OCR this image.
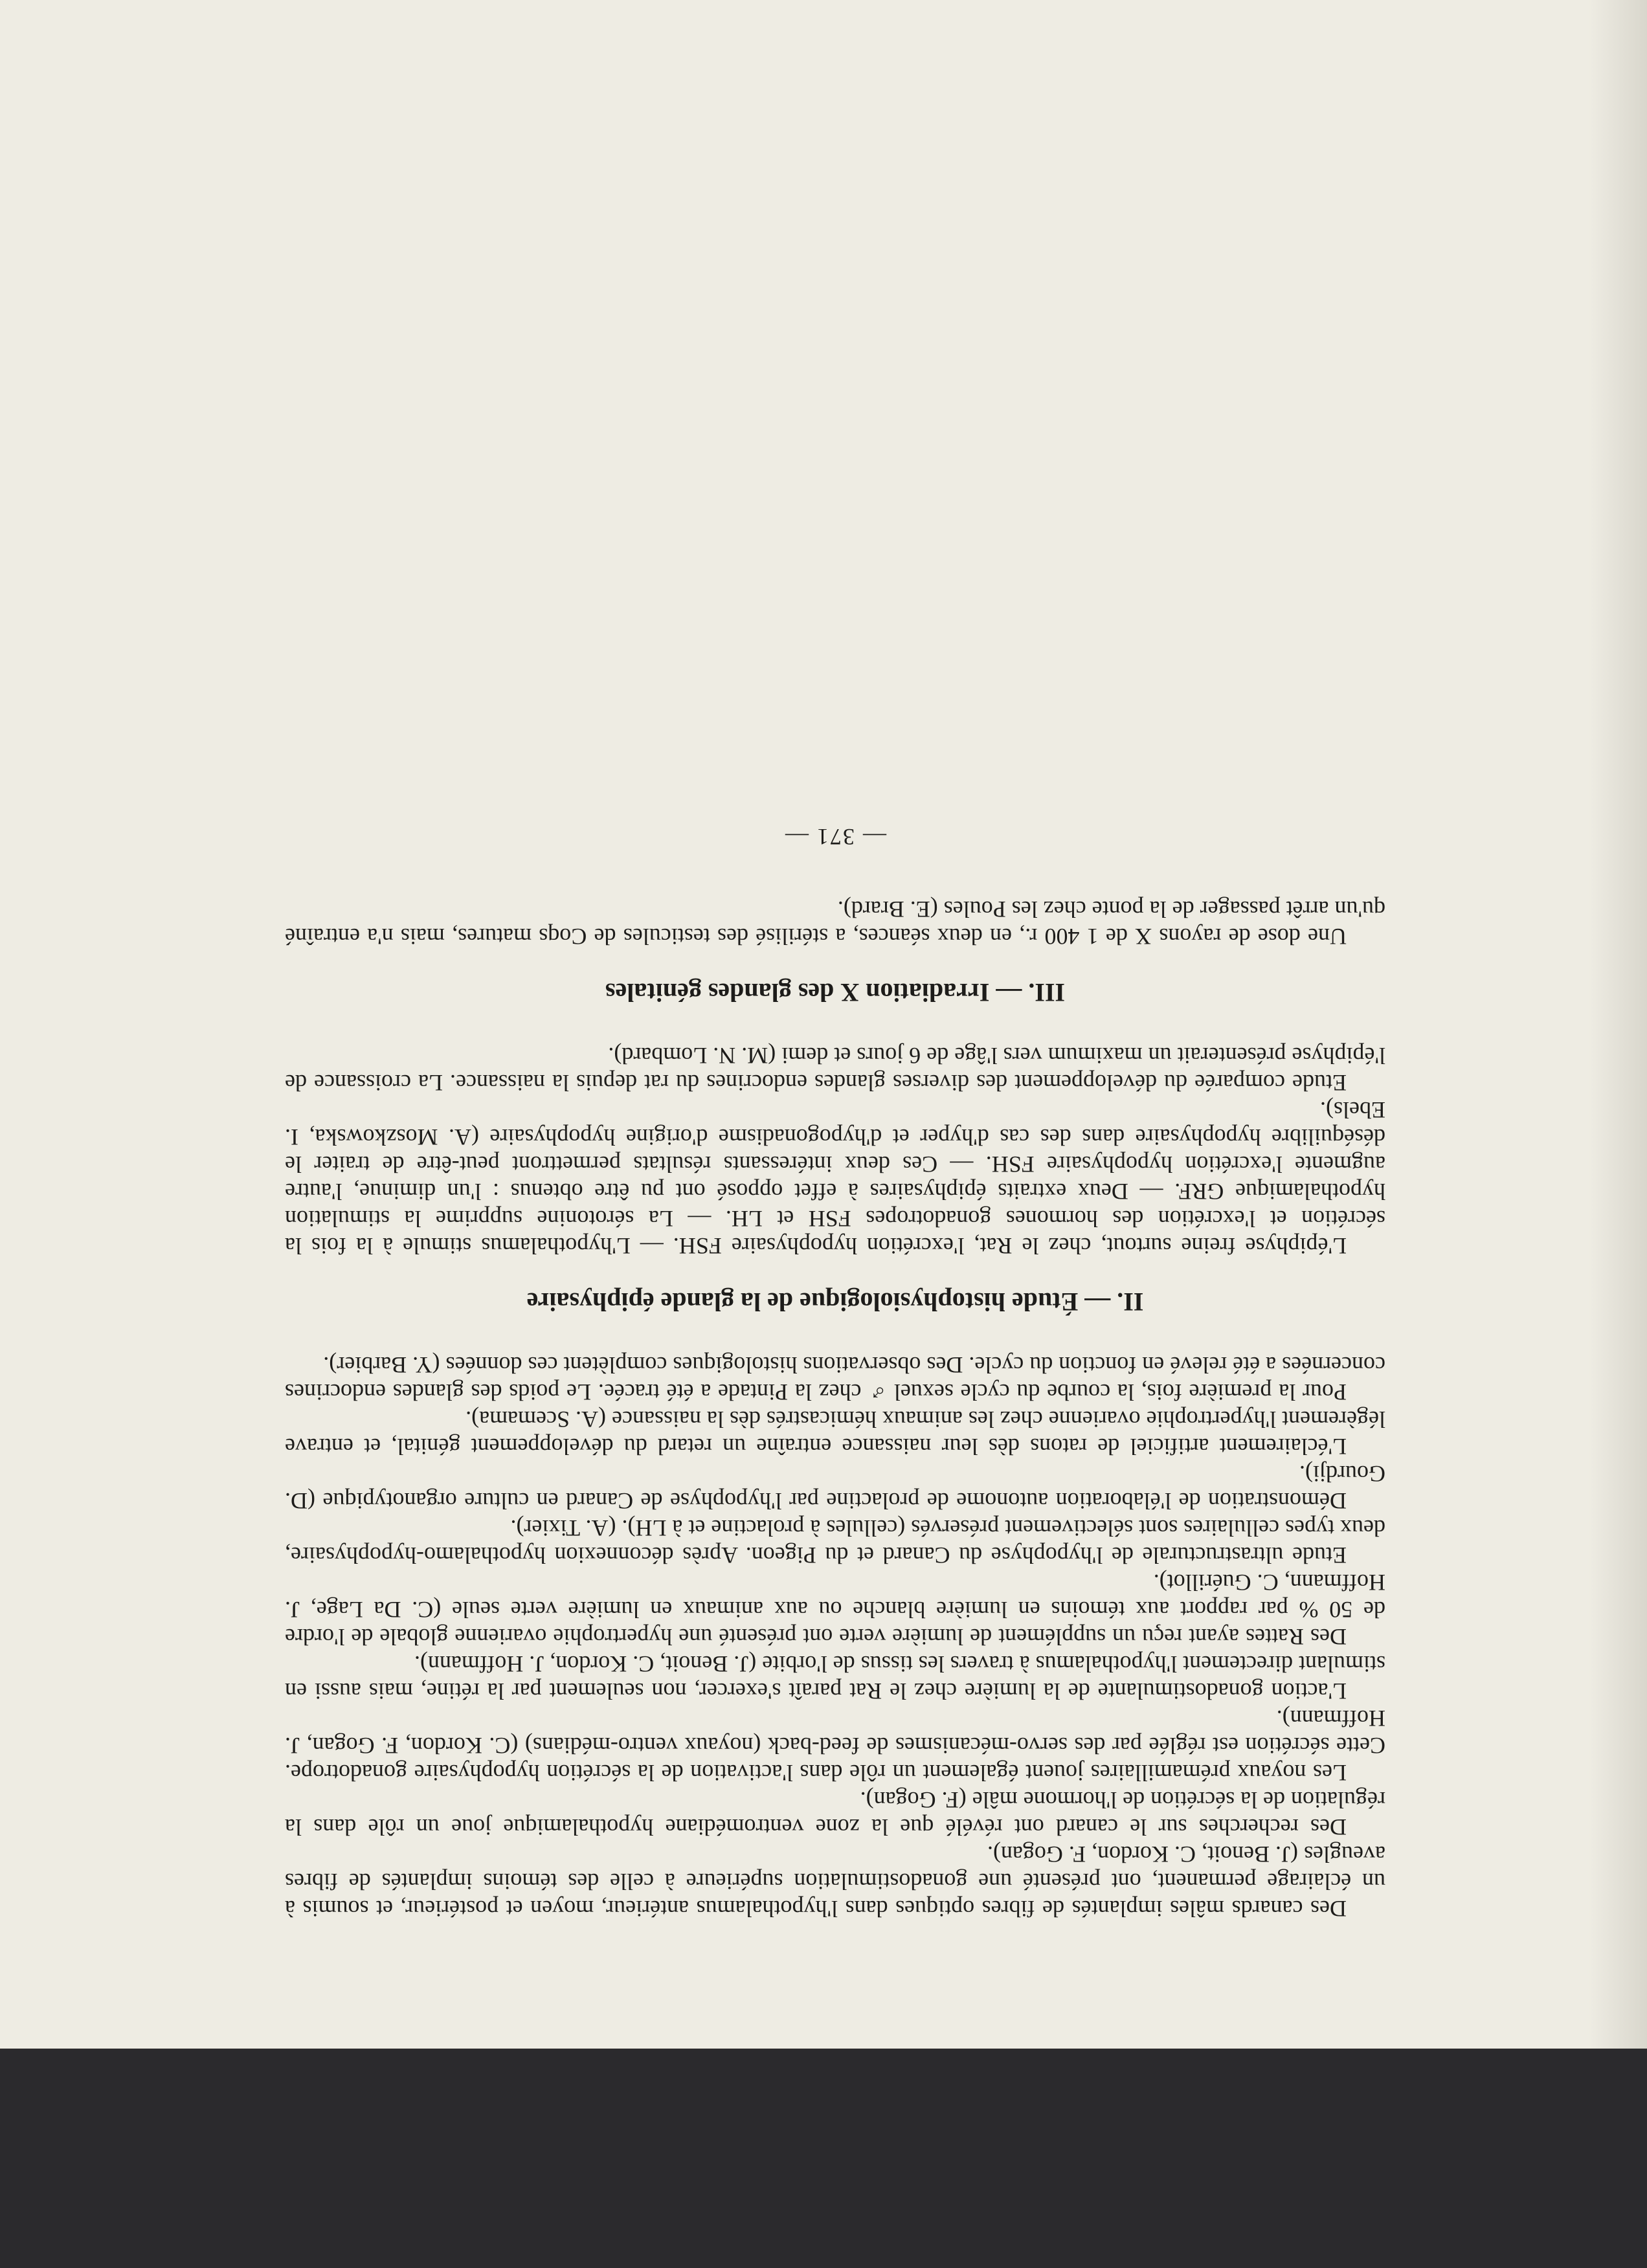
Des canards mâles implantés de fibres optiques dans l'hypothalamus antérieur, moyen et postérieur, et soumis à un éclairage permanent, ont présenté une gonadostimulation supérieure à celle des témoins implantés de fibres aveugles (J. Benoit, C. Kordon, F. Gogan).

Des recherches sur le canard ont révélé que la zone ventromédiane hypothalamique joue un rôle dans la régulation de la sécrétion de l'hormone mâle (F. Gogan).

Les noyaux prémamillaires jouent également un rôle dans l'activation de la sécrétion hypophysaire gonadotrope. Cette sécrétion est réglée par des servo-mécanismes de feed-back (noyaux ventro-médians) (C. Kordon, F. Gogan, J. Hoffmann).

L'action gonadostimulante de la lumière chez le Rat paraît s'exercer, non seulement par la rétine, mais aussi en stimulant directement l'hypothalamus à travers les tissus de l'orbite (J. Benoit, C. Kordon, J. Hoffmann).

Des Rattes ayant reçu un supplément de lumière verte ont présenté une hypertrophie ovarienne globale de l'ordre de 50 % par rapport aux témoins en lumière blanche ou aux animaux en lumière verte seule (C. Da Lage, J. Hoffmann, C. Guérillot).

Etude ultrastructurale de l'hypophyse du Canard et du Pigeon. Après déconnexion hypothalamo-hypophysaire, deux types cellulaires sont sélectivement préservés (cellules à prolactine et à LH). (A. Tixier).

Démonstration de l'élaboration autonome de prolactine par l'hypophyse de Canard en culture organotypique (D. Gourdji).

L'éclairement artificiel de ratons dès leur naissance entraîne un retard du développement génital, et entrave légèrement l'hypertrophie ovarienne chez les animaux hémicastrés dès la naissance (A. Scemama).

Pour la première fois, la courbe du cycle sexuel ♂ chez la Pintade a été tracée. Le poids des glandes endocrines concernées a été relevé en fonction du cycle. Des observations histologiques complètent ces données (Y. Barbier).

II. — Étude histophysiologique de la glande épiphysaire

L'épiphyse freine surtout, chez le Rat, l'excrétion hypophysaire FSH. — L'hypothalamus stimule à la fois la sécrétion et l'excrétion des hormones gonadotropes FSH et LH. — La sérotonine supprime la stimulation hypothalamique GRF. — Deux extraits épiphysaires à effet opposé ont pu être obtenus : l'un diminue, l'autre augmente l'excrétion hypophysaire FSH. — Ces deux intéressants résultats permettront peut-être de traiter le déséquilibre hypophysaire dans des cas d'hyper et d'hypogonadisme d'origine hypophysaire (A. Moszkowska, I. Ebels).

Etude comparée du développement des diverses glandes endocrines du rat depuis la naissance. La croissance de l'épiphyse présenterait un maximum vers l'âge de 6 jours et demi (M. N. Lombard).

III. — Irradiation X des glandes génitales

Une dose de rayons X de 1 400 r., en deux séances, a stérilisé des testicules de Coqs matures, mais n'a entraîné qu'un arrêt passager de la ponte chez les Poules (E. Brard).

— 371 —
